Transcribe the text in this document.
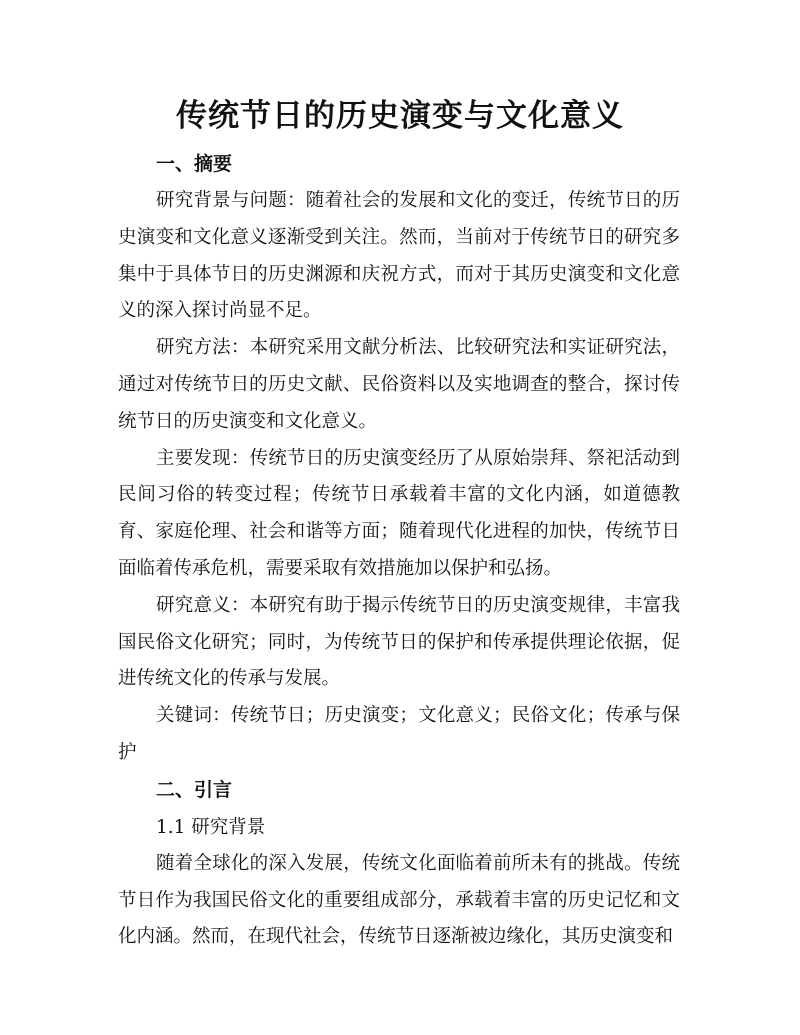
传统节日的历史演变与文化意义
一、摘要
研究背景与问题：随着社会的发展和文化的变迁，传统节日的历史演变和文化意义逐渐受到关注。然而，当前对于传统节日的研究多集中于具体节日的历史渊源和庆祝方式，而对于其历史演变和文化意义的深入探讨尚显不足。
研究方法：本研究采用文献分析法、比较研究法和实证研究法，通过对传统节日的历史文献、民俗资料以及实地调查的整合，探讨传统节日的历史演变和文化意义。
主要发现：传统节日的历史演变经历了从原始崇拜、祭祀活动到民间习俗的转变过程；传统节日承载着丰富的文化内涵，如道德教育、家庭伦理、社会和谐等方面；随着现代化进程的加快，传统节日面临着传承危机，需要采取有效措施加以保护和弘扬。
研究意义：本研究有助于揭示传统节日的历史演变规律，丰富我国民俗文化研究；同时，为传统节日的保护和传承提供理论依据，促进传统文化的传承与发展。
关键词：传统节日；历史演变；文化意义；民俗文化；传承与保护
二、引言
1.1 研究背景
随着全球化的深入发展，传统文化面临着前所未有的挑战。传统节日作为我国民俗文化的重要组成部分，承载着丰富的历史记忆和文化内涵。然而，在现代社会，传统节日逐渐被边缘化，其历史演变和
